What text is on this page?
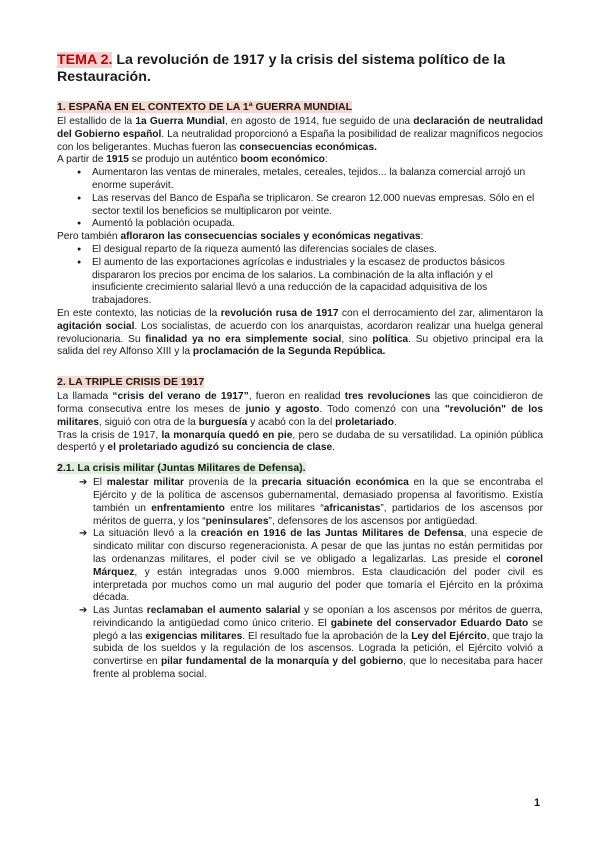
TEMA 2. La revolución de 1917 y la crisis del sistema político de la Restauración.
1. ESPAÑA EN EL CONTEXTO DE LA 1ª GUERRA MUNDIAL

El estallido de la 1a Guerra Mundial, en agosto de 1914, fue seguido de una declaración de neutralidad del Gobierno español. La neutralidad proporcionó a España la posibilidad de realizar magníficos negocios con los beligerantes. Muchas fueron las consecuencias económicas.

A partir de 1915 se produjo un auténtico boom económico:

● Aumentaron las ventas de minerales, metales, cereales, tejidos... la balanza comercial arrojó un enorme superávit.
● Las reservas del Banco de España se triplicaron. Se crearon 12.000 nuevas empresas. Sólo en el sector textil los beneficios se multiplicaron por veinte.
● Aumentó la población ocupada.

Pero también afloraron las consecuencias sociales y económicas negativas:

● El desigual reparto de la riqueza aumentó las diferencias sociales de clases.
● El aumento de las exportaciones agrícolas e industriales y la escasez de productos básicos dispararon los precios por encima de los salarios. La combinación de la alta inflación y el insuficiente crecimiento salarial llevó a una reducción de la capacidad adquisitiva de los trabajadores.

En este contexto, las noticias de la revolución rusa de 1917 con el derrocamiento del zar, alimentaron la agitación social. Los socialistas, de acuerdo con los anarquistas, acordaron realizar una huelga general revolucionaria. Su finalidad ya no era simplemente social, sino política. Su objetivo principal era la salida del rey Alfonso XIII y la proclamación de la Segunda República.

2. LA TRIPLE CRISIS DE 1917

La llamada “crisis del verano de 1917”, fueron en realidad tres revoluciones las que coincidieron de forma consecutiva entre los meses de junio y agosto. Todo comenzó con una "revolución" de los militares, siguió con otra de la burguesía y acabó con la del proletariado.

Tras la crisis de 1917, la monarquía quedó en pie, pero se dudaba de su versatilidad. La opinión pública despertó y el proletariado agudizó su conciencia de clase.

2.1. La crisis militar (Juntas Militares de Defensa).
➔ El malestar militar provenía de la precaria situación económica en la que se encontraba el Ejército y de la política de ascensos gubernamental, demasiado propensa al favoritismo. Existía también un enfrentamiento entre los militares “africanistas”, partidarios de los ascensos por méritos de guerra, y los “peninsulares”, defensores de los ascensos por antigüedad.
➔ La situación llevó a la creación en 1916 de las Juntas Militares de Defensa, una especie de sindicato militar con discurso regeneracionista. A pesar de que las juntas no están permitidas por las ordenanzas militares, el poder civil se ve obligado a legalizarlas. Las preside el coronel Márquez, y están integradas unos 9.000 miembros. Esta claudicación del poder civil es interpretada por muchos como un mal augurio del poder que tomaría el Ejército en la próxima década.
➔ Las Juntas reclamaban el aumento salarial y se oponían a los ascensos por méritos de guerra, reivindicando la antigüedad como único criterio. El gabinete del conservador Eduardo Dato se plegó a las exigencias militares. El resultado fue la aprobación de la Ley del Ejército, que trajo la subida de los sueldos y la regulación de los ascensos. Lograda la petición, el Ejército volvió a convertirse en pilar fundamental de la monarquía y del gobierno, que lo necesitaba para hacer frente al problema social.
1
